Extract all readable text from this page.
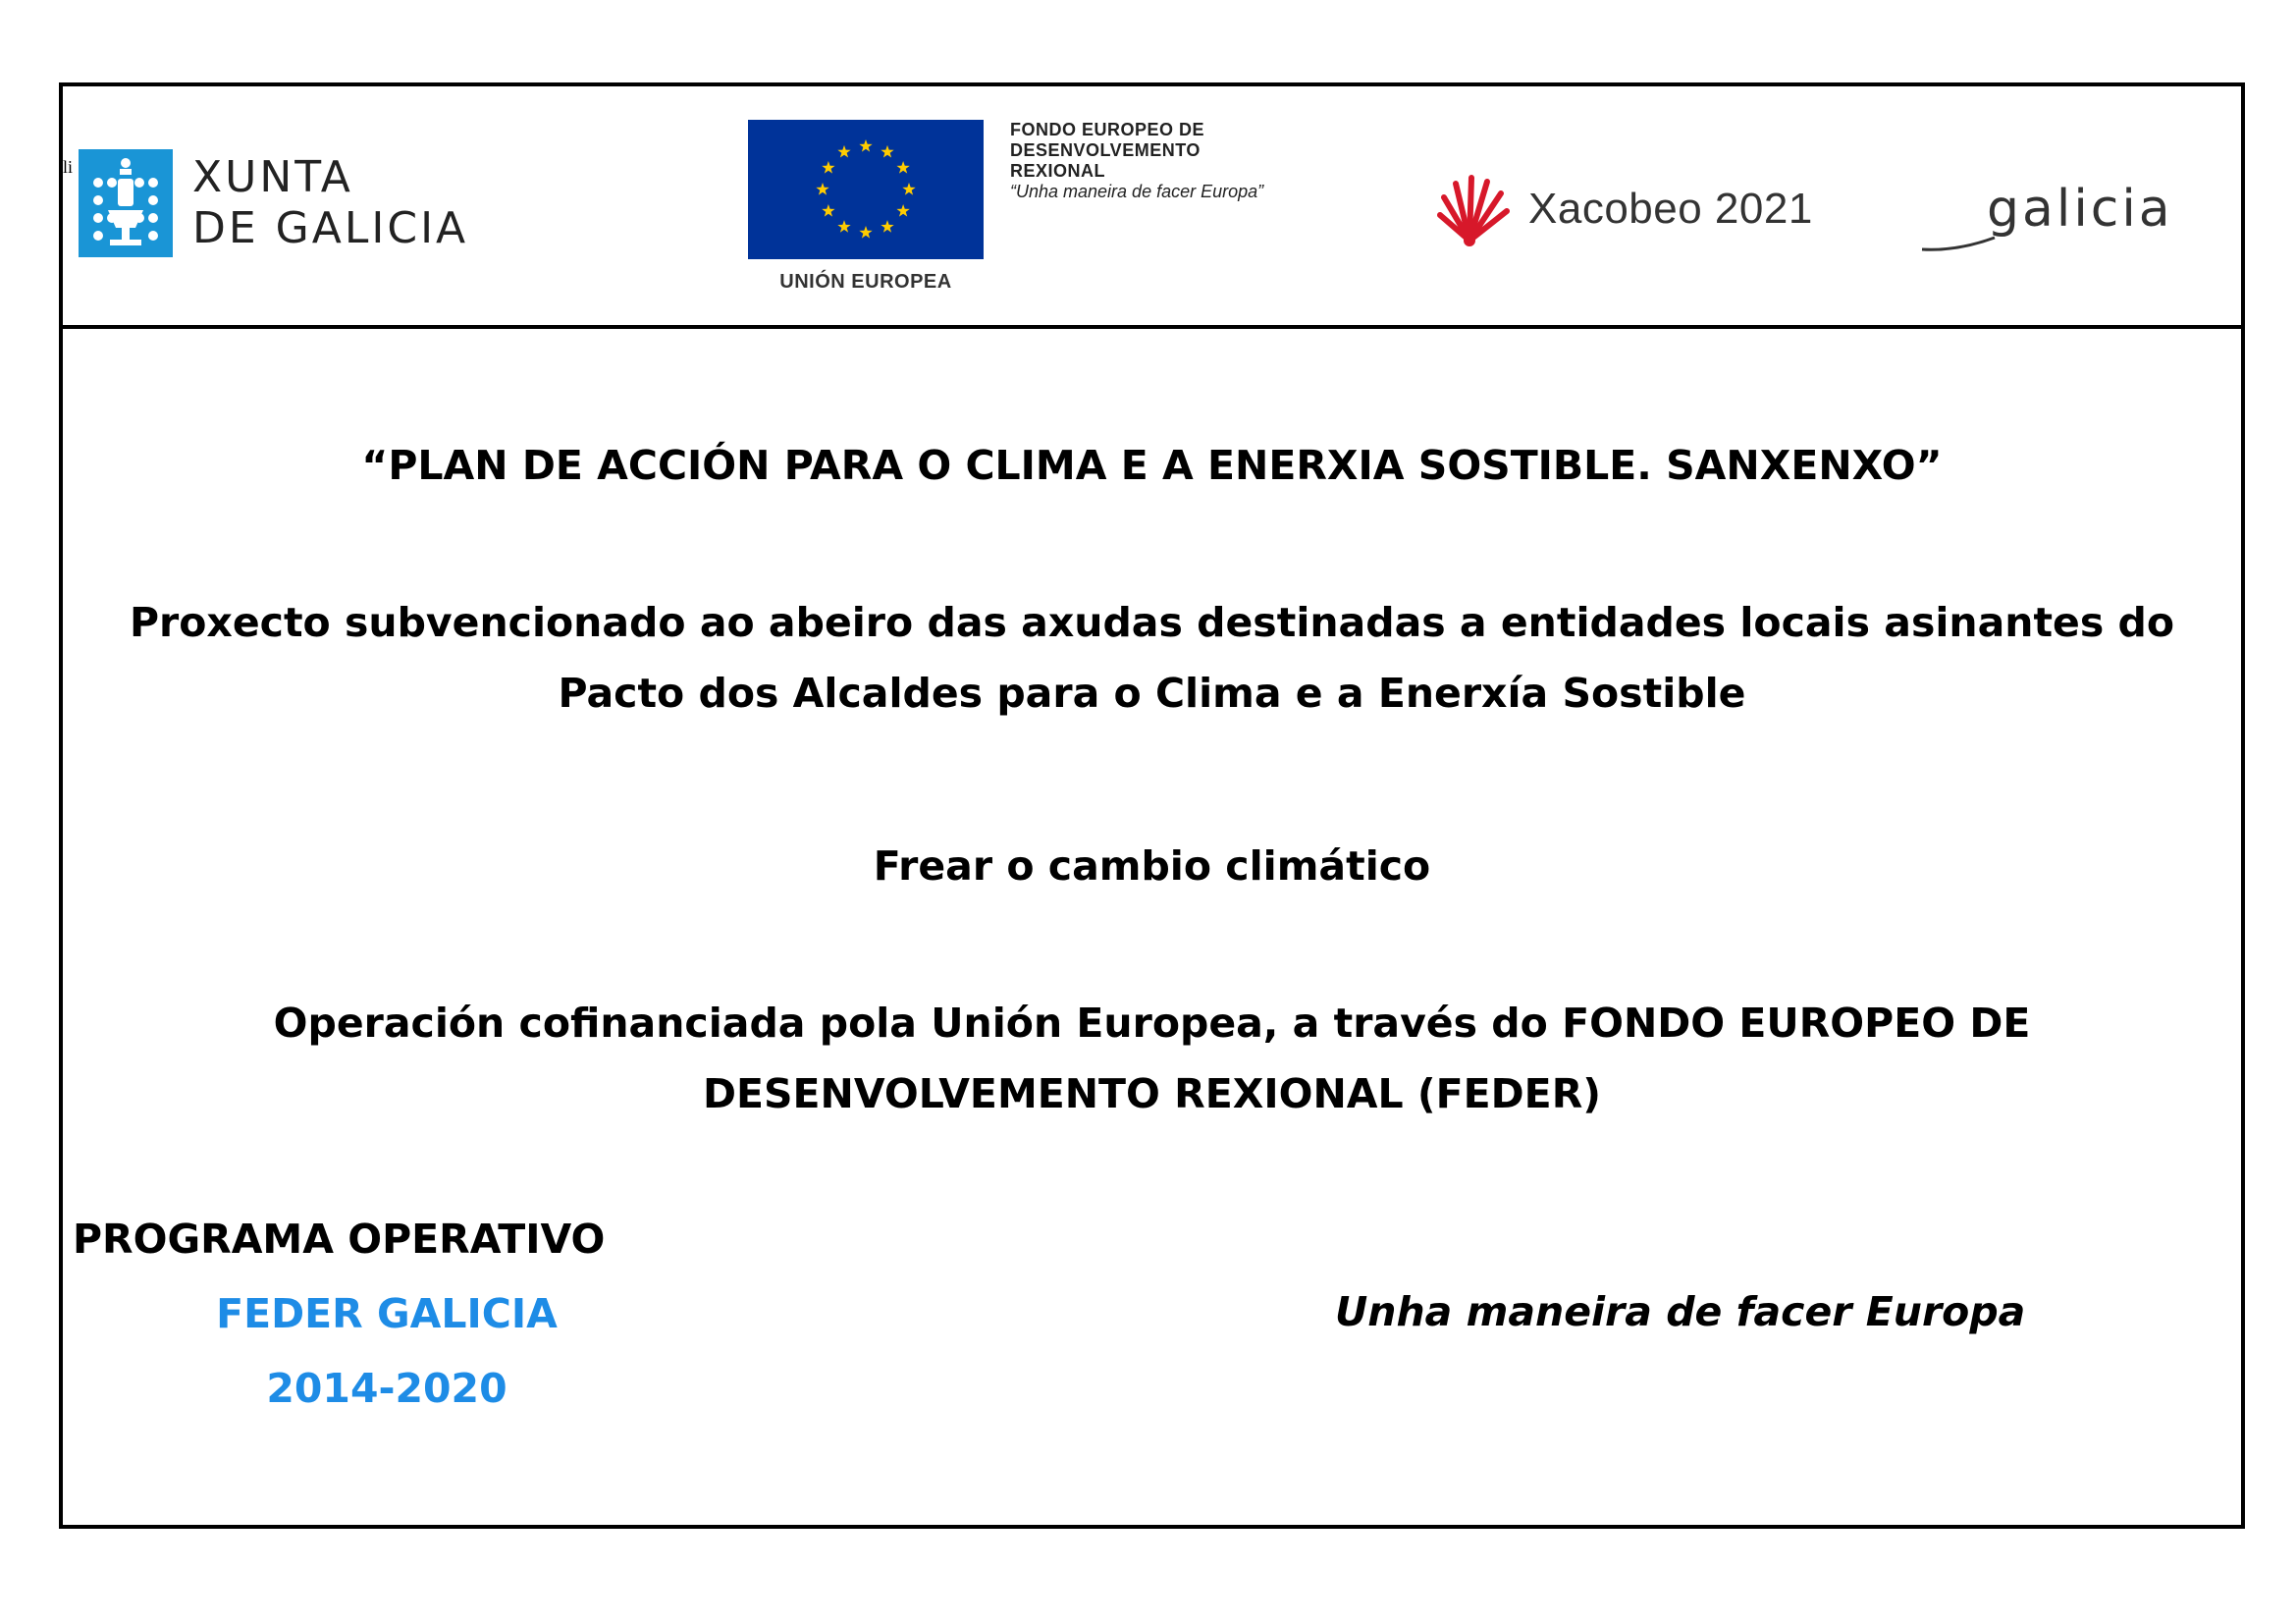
li	XUNTA
DE GALICIA
UNIÓN EUROPEA
FONDO EUROPEO DE
DESENVOLVEMENTO
REXIONAL
“Unha maneira de facer Europa”	Xacobeo 2021	galicia
“PLAN DE ACCIÓN PARA O CLIMA E A ENERXIA SOSTIBLE. SANXENXO”
Proxecto subvencionado ao abeiro das axudas destinadas a entidades locais asinantes do
Pacto dos Alcaldes para o Clima e a Enerxía Sostible
Frear o cambio climático
Operación cofinanciada pola Unión Europea, a través do FONDO EUROPEO DE
DESENVOLVEMENTO REXIONAL (FEDER)
PROGRAMA OPERATIVO
FEDER GALICIA
2014-2020
Unha maneira de facer Europa
